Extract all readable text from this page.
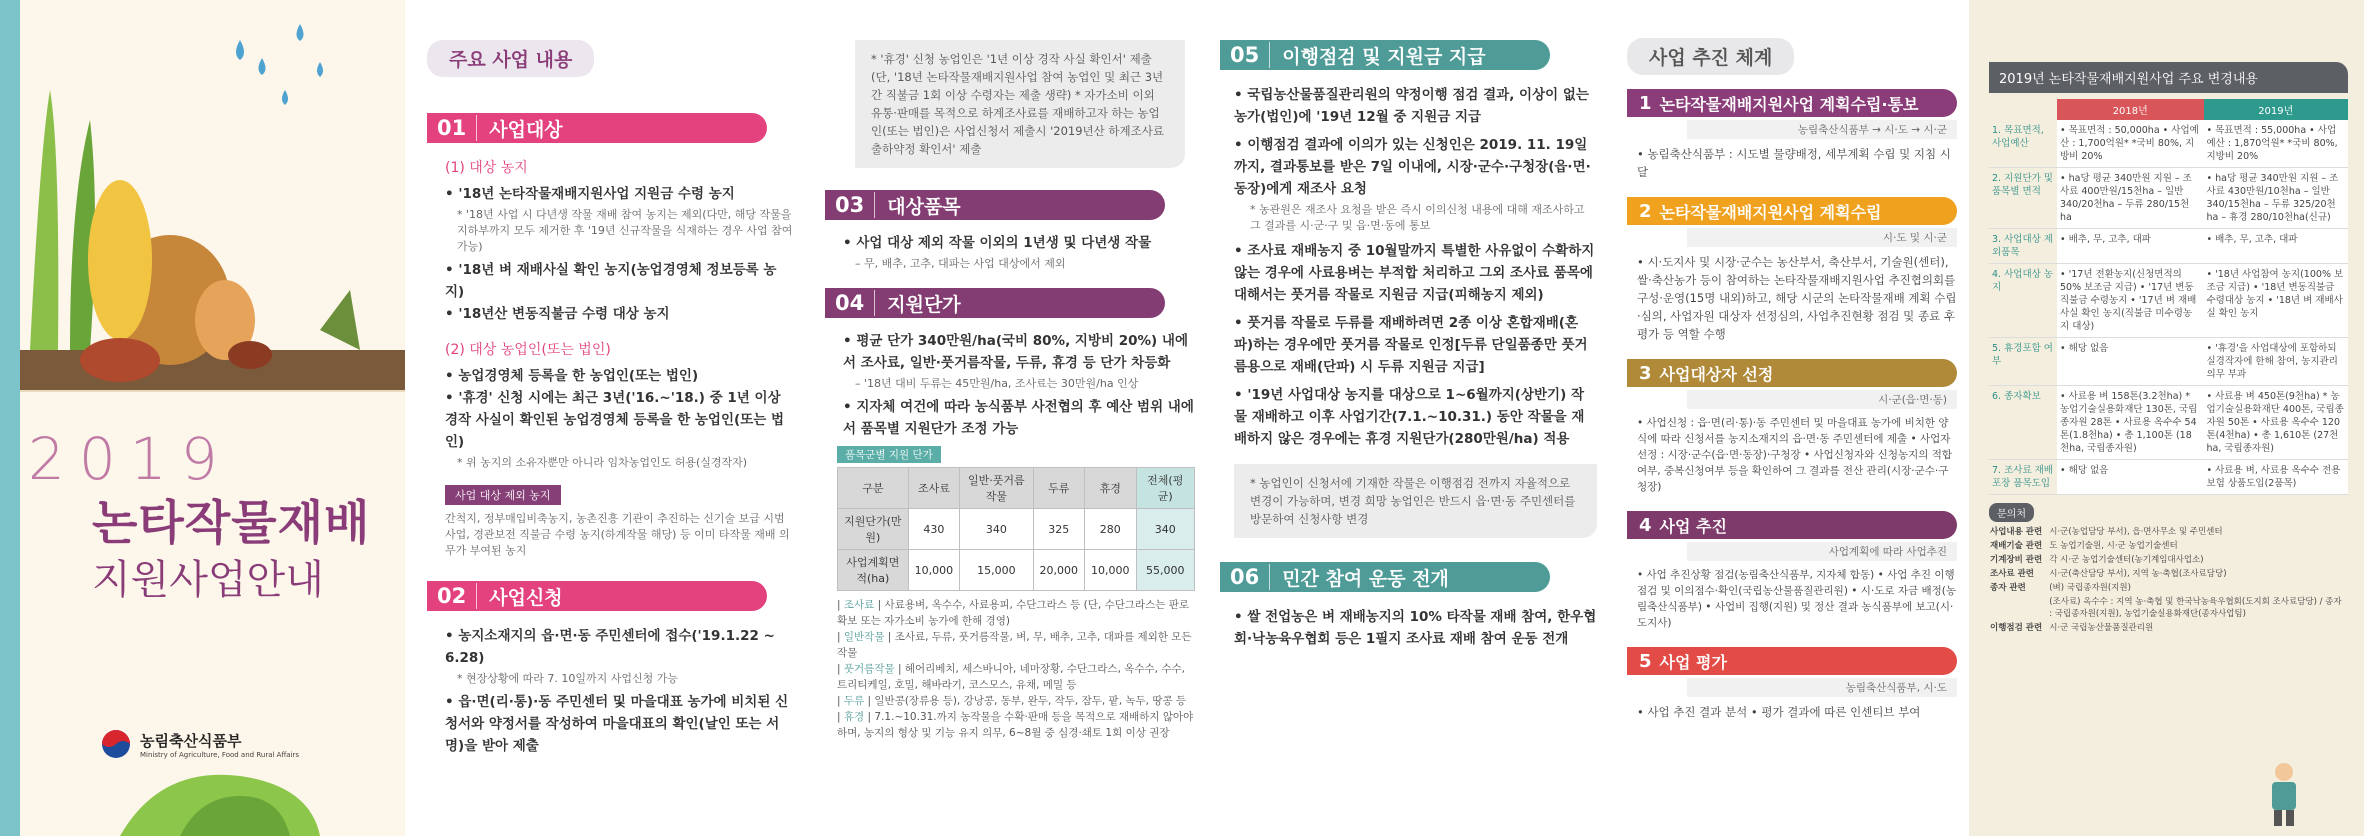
2019
논타작물재배
지원사업안내
농림축산식품부
Ministry of Agriculture, Food and Rural Affairs
주요 사업 내용
01	사업대상
(1) 대상 농지
• '18년 논타작물재배지원사업 지원금 수령 농지
* '18년 사업 시 다년생 작물 재배 참여 농지는 제외(다만, 해당 작물을 지하부까지 모두 제거한 후 '19년 신규작물을 식재하는 경우 사업 참여가능)
• '18년 벼 재배사실 확인 농지(농업경영체 정보등록 농지)
• '18년산 변동직불금 수령 대상 농지
(2) 대상 농업인(또는 법인)
• 농업경영체 등록을 한 농업인(또는 법인)
• '휴경' 신청 시에는 최근 3년('16.~'18.) 중 1년 이상 경작 사실이 확인된 농업경영체 등록을 한 농업인(또는 법인)
* 위 농지의 소유자뿐만 아니라 임차농업인도 허용(실경작자)
사업 대상 제외 농지
간척지, 정부매입비축농지, 농촌진흥 기관이 추진하는 신기술 보급 시범사업, 경관보전 직불금 수령 농지(하계작물 해당) 등 이미 타작물 재배 의무가 부여된 농지
02	사업신청
• 농지소재지의 읍·면·동 주민센터에 접수('19.1.22 ~ 6.28)
* 현장상황에 따라 7. 10일까지 사업신청 가능
• 읍·면(리·통)·동 주민센터 및 마을대표 농가에 비치된 신청서와 약정서를 작성하여 마을대표의 확인(날인 또는 서명)을 받아 제출
* '휴경' 신청 농업인은 '1년 이상 경작 사실 확인서' 제출(단, '18년 논타작물재배지원사업 참여 농업인 및 최근 3년간 직불금 1회 이상 수령자는 제출 생략) * 자가소비 이외 유통·판매를 목적으로 하계조사료를 재배하고자 하는 농업인(또는 법인)은 사업신청서 제출시 '2019년산 하계조사료 출하약정 확인서' 제출
03	대상품목
• 사업 대상 제외 작물 이외의 1년생 및 다년생 작물
– 무, 배추, 고추, 대파는 사업 대상에서 제외
04	지원단가
• 평균 단가 340만원/ha(국비 80%, 지방비 20%) 내에서 조사료, 일반·풋거름작물, 두류, 휴경 등 단가 차등화
– '18년 대비 두류는 45만원/ha, 조사료는 30만원/ha 인상
• 지자체 여건에 따라 농식품부 사전협의 후 예산 범위 내에서 품목별 지원단가 조정 가능
품목군별 지원 단가
구분	조사료	일반·풋거름작물	두류	휴경	전체(평균)
지원단가(만원)	430	340	325	280	340
사업계획면적(ha)	10,000	15,000	20,000	10,000	55,000
| 조사료 | 사료용벼, 옥수수, 사료용피, 수단그라스 등 (단, 수단그라스는 판로확보 또는 자가소비 농가에 한해 경영)
| 일반작물 | 조사료, 두류, 풋거름작물, 벼, 무, 배추, 고추, 대파를 제외한 모든 작물
| 풋거름작물 | 헤어리베치, 세스바니아, 네마장황, 수단그라스, 옥수수, 수수, 트리티케일, 호밀, 해바라기, 코스모스, 유채, 메밀 등
| 두류 | 일반콩(장류용 등), 강낭콩, 동부, 완두, 작두, 잠두, 팥, 녹두, 땅콩 등
| 휴경 | 7.1.~10.31.까지 농작물을 수확·판매 등을 목적으로 재배하지 않아야 하며, 농지의 형상 및 기능 유지 의무, 6~8월 중 심경·쇄토 1회 이상 권장
05	이행점검 및 지원금 지급
• 국립농산물품질관리원의 약정이행 점검 결과, 이상이 없는 농가(법인)에 '19년 12월 중 지원금 지급
• 이행점검 결과에 이의가 있는 신청인은 2019. 11. 19일까지, 결과통보를 받은 7일 이내에, 시장·군수·구청장(읍·면·동장)에게 재조사 요청
* 농관원은 재조사 요청을 받은 즉시 이의신청 내용에 대해 재조사하고 그 결과를 시·군·구 및 읍·면·동에 통보
• 조사료 재배농지 중 10월말까지 특별한 사유없이 수확하지 않는 경우에 사료용벼는 부적합 처리하고 그외 조사료 품목에 대해서는 풋거름 작물로 지원금 지급(피해농지 제외)
• 풋거름 작물로 두류를 재배하려면 2종 이상 혼합재배(혼파)하는 경우에만 풋거름 작물로 인정[두류 단일품종만 풋거름용으로 재배(단파) 시 두류 지원금 지급]
• '19년 사업대상 농지를 대상으로 1~6월까지(상반기) 작물 재배하고 이후 사업기간(7.1.~10.31.) 동안 작물을 재배하지 않은 경우에는 휴경 지원단가(280만원/ha) 적용
* 농업인이 신청서에 기재한 작물은 이행점검 전까지 자율적으로 변경이 가능하며, 변경 희망 농업인은 반드시 읍·면·동 주민센터를 방문하여 신청사항 변경
06	민간 참여 운동 전개
• 쌀 전업농은 벼 재배농지의 10% 타작물 재배 참여, 한우협회·낙농육우협회 등은 1필지 조사료 재배 참여 운동 전개
사업 추진 체계
1 논타작물재배지원사업 계획수립·통보
농림축산식품부 → 시·도 → 시·군
• 농림축산식품부 : 시도별 물량배정, 세부계획 수립 및 지침 시달
2 논타작물재배지원사업 계획수립
시·도 및 시·군
• 시·도지사 및 시장·군수는 농산부서, 축산부서, 기술원(센터), 쌀·축산농가 등이 참여하는 논타작물재배지원사업 추진협의회를 구성·운영(15명 내외)하고, 해당 시군의 논타작물재배 계획 수립·심의, 사업자원 대상자 선정심의, 사업추진현황 점검 및 종료 후 평가 등 역할 수행
3 사업대상자 선정
시·군(읍·면·동)
• 사업신청 : 읍·면(리·통)·동 주민센터 및 마을대표 농가에 비치한 양식에 따라 신청서를 농지소재지의 읍·면·동 주민센터에 제출 • 사업자 선정 : 시장·군수(읍·면·동장)·구청장 • 사업신청자와 신청농지의 적합여부, 중복신청여부 등을 확인하여 그 결과를 전산 관리(시장·군수·구청장)
4 사업 추진
사업계획에 따라 사업추진
• 사업 추진상황 점검(농림축산식품부, 지자체 합동) • 사업 추진 이행 점검 및 이의점수·확인(국립농산물품질관리원) • 시·도로 자금 배정(농림축산식품부) • 사업비 집행(지원) 및 정산 결과 농식품부에 보고(시·도지사)
5 사업 평가
농림축산식품부, 시·도
• 사업 추진 결과 분석 • 평가 결과에 따른 인센티브 부여
2019년 논타작물재배지원사업 주요 변경내용
	2018년	2019년
1. 목표면적, 사업예산	• 목표면적 : 50,000ha • 사업예산 : 1,700억원* *국비 80%, 지방비 20%	• 목표면적 : 55,000ha • 사업예산 : 1,870억원* *국비 80%, 지방비 20%
2. 지원단가 및 품목별 면적	• ha당 평균 340만원 지원 – 조사료 400만원/15천ha – 일반 340/20천ha – 두류 280/15천ha	• ha당 평균 340만원 지원 – 조사료 430만원/10천ha – 일반 340/15천ha – 두류 325/20천ha – 휴경 280/10천ha(신규)
3. 사업대상 제외품목	• 배추, 무, 고추, 대파	• 배추, 무, 고추, 대파
4. 사업대상 농지	• '17년 전환농지(신청면적의 50% 보조금 지급) • '17년 변동직불금 수령농지 • '17년 벼 재배사실 확인 농지(직불금 미수령농지 대상)	• '18년 사업참여 농지(100% 보조금 지급) • '18년 변동직불금 수령대상 농지 • '18년 벼 재배사실 확인 농지
5. 휴경포함 여부	• 해당 없음	• '휴경'을 사업대상에 포함하되 실경작자에 한해 참여, 농지관리 의무 부과
6. 종자확보	• 사료용 벼 158톤(3.2천ha) * 농업기술실용화재단 130톤, 국립종자원 28톤 • 사료용 옥수수 54톤(1.8천ha) • 총 1,100톤 (18천ha, 국립종자원)	• 사료용 벼 450톤(9천ha) * 농업기술실용화재단 400톤, 국립종자원 50톤 • 사료용 옥수수 120톤(4천ha) • 총 1,610톤 (27천ha, 국립종자원)
7. 조사료 재배포장 품목도입	• 해당 없음	• 사료용 벼, 사료용 옥수수 전용보험 상품도입(2품목)
문의처
사업내용 관련	시·군(농업담당 부서), 읍·면사무소 및 주민센터
재배기술 관련	도 농업기술원, 시·군 농업기술센터
기계장비 관련	각 시·군 농업기술센터(농기계임대사업소)
조사료 관련	시·군(축산담당 부서), 지역 농·축협(조사료담당)
종자 관련	(벼) 국립종자원(지원)
	(조사료) 옥수수 : 지역 농·축협 및 한국낙농육우협회(도지회 조사료담당) / 종자 : 국립종자원(지원), 농업기술실용화재단(종자사업팀)
이행점검 관련	시·군 국립농산물품질관리원
